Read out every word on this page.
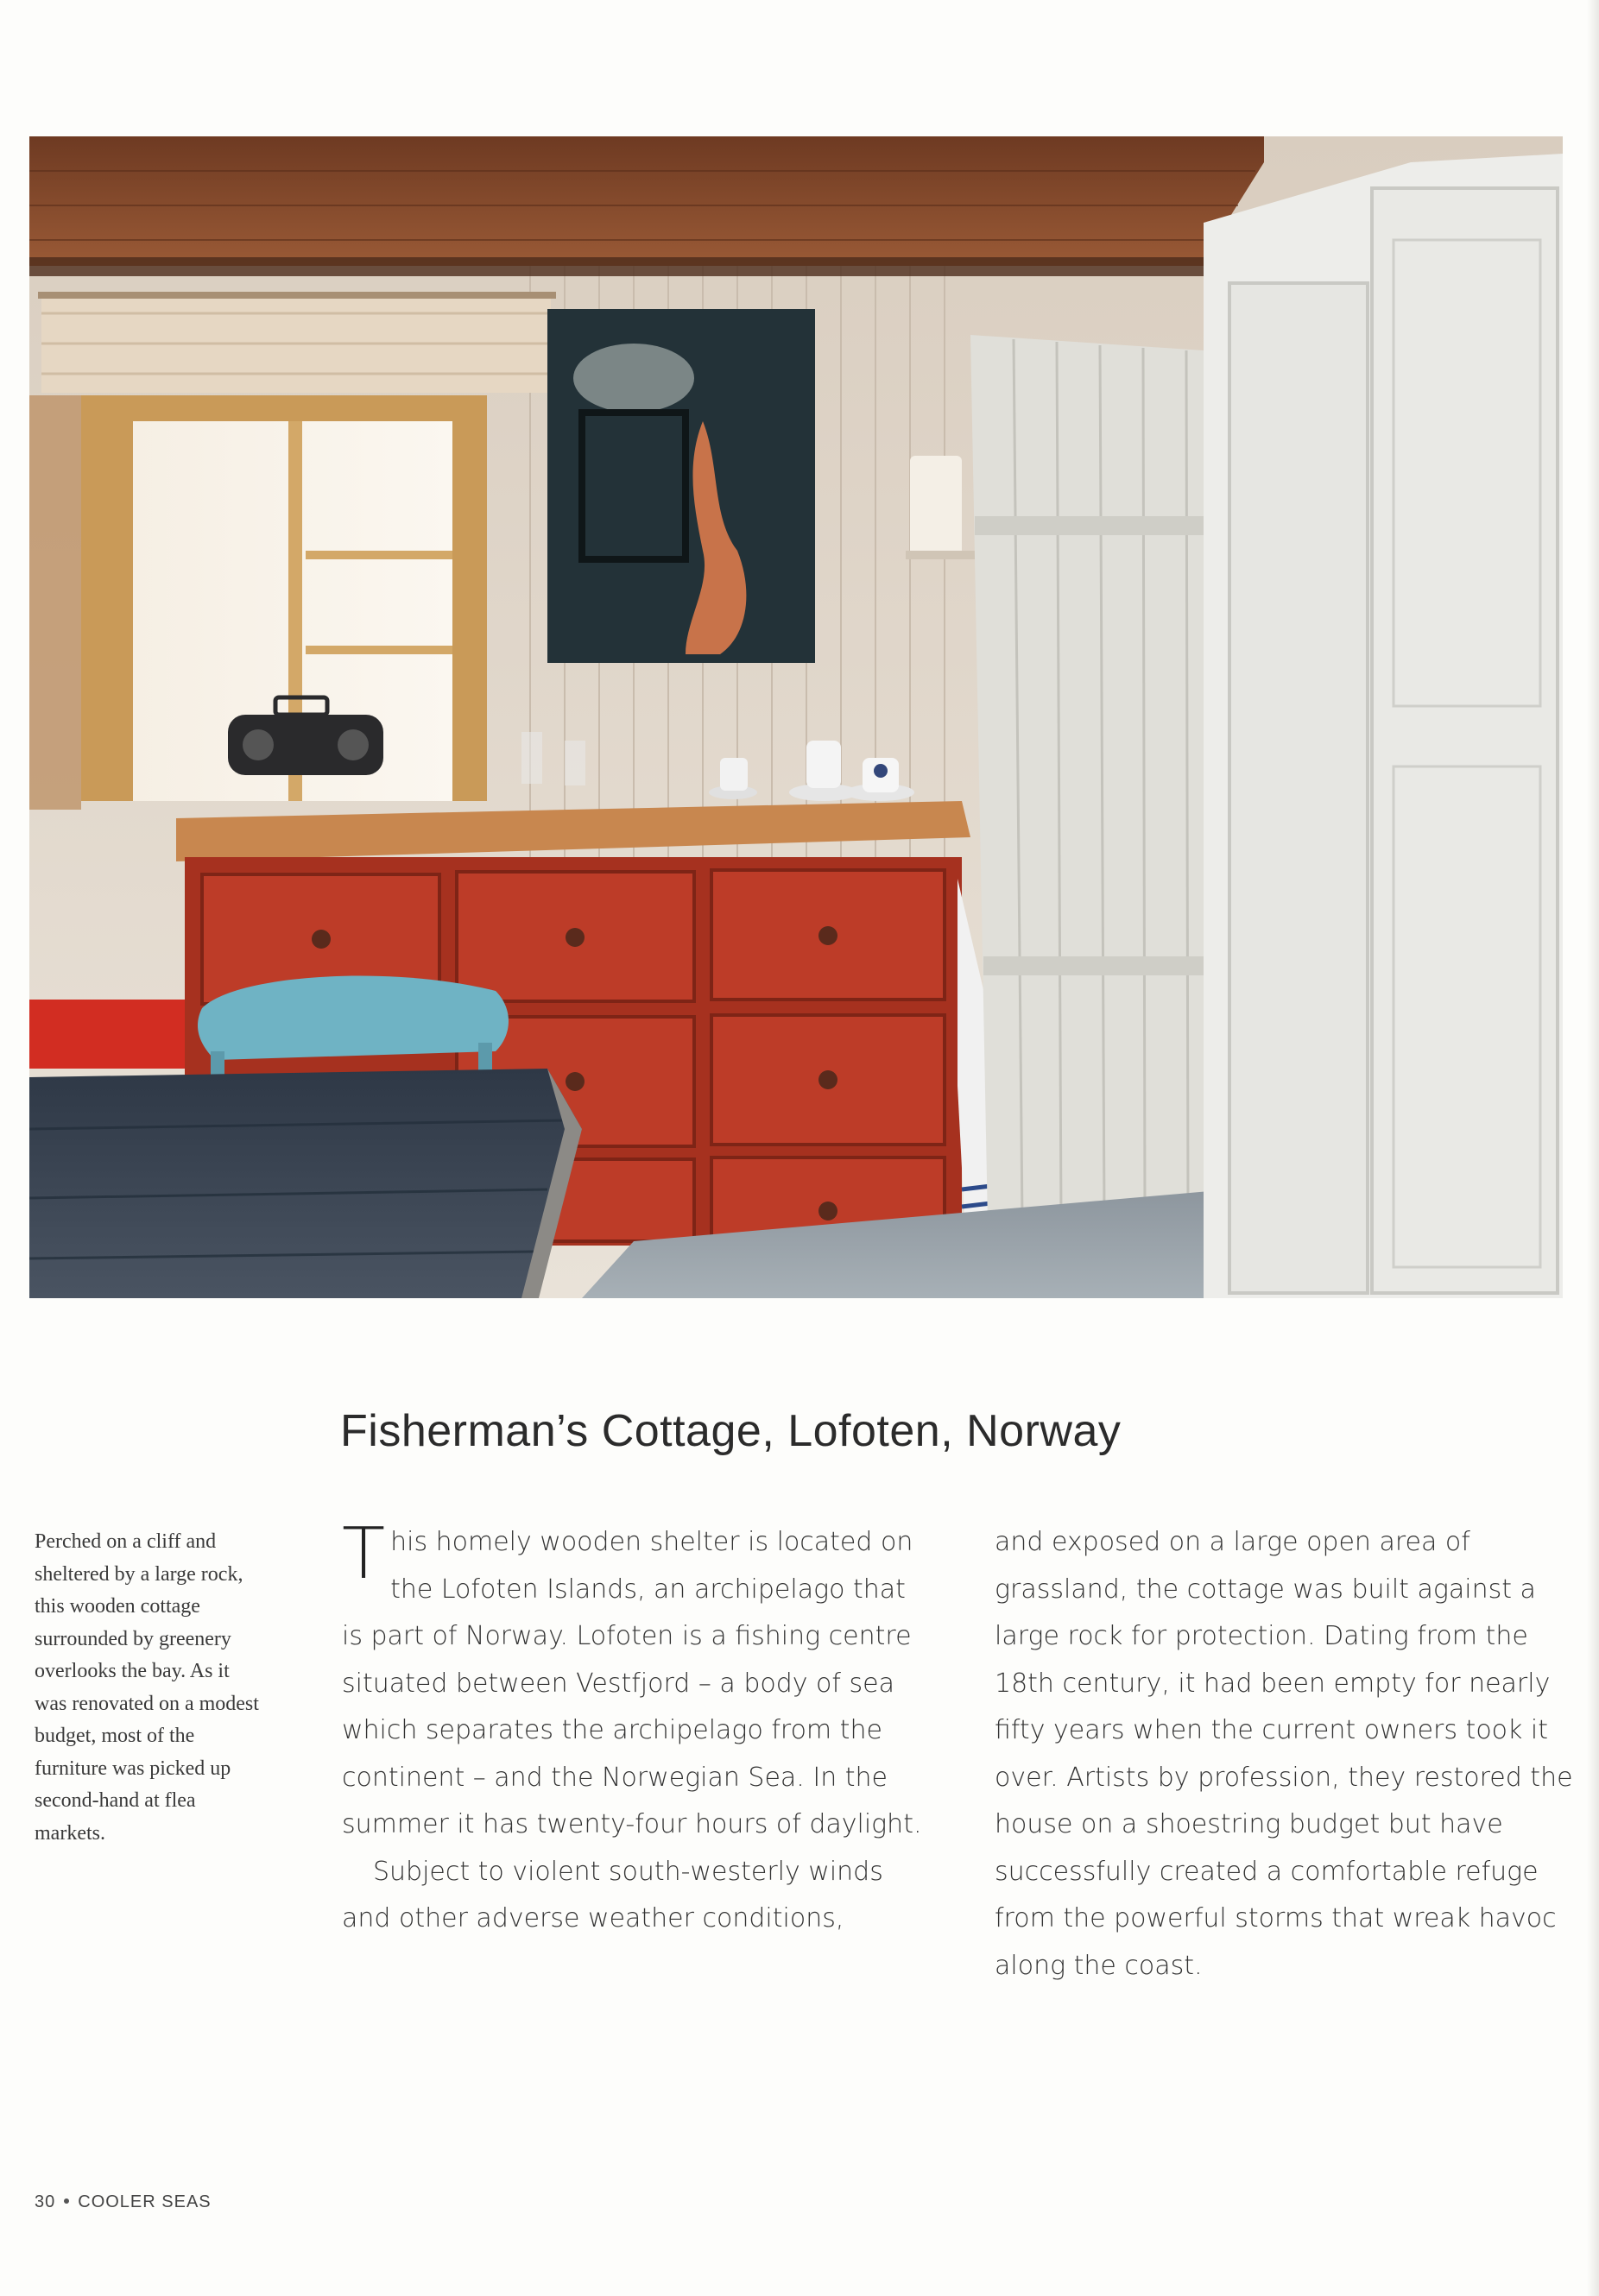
Fisherman’s Cottage, Lofoten, Norway

Perched on a cliff and sheltered by a large rock, this wooden cottage surrounded by greenery overlooks the bay. As it was renovated on a modest budget, most of the furniture was picked up second-hand at flea markets.

This homely wooden shelter is located on the Lofoten Islands, an archipelago that is part of Norway. Lofoten is a fishing centre situated between Vestfjord – a body of sea which separates the archipelago from the continent – and the Norwegian Sea. In the summer it has twenty-four hours of daylight.

Subject to violent south-westerly winds and other adverse weather conditions,

and exposed on a large open area of grassland, the cottage was built against a large rock for protection. Dating from the 18th century, it had been empty for nearly fifty years when the current owners took it over. Artists by profession, they restored the house on a shoestring budget but have successfully created a comfortable refuge from the powerful storms that wreak havoc along the coast.

30 COOLER SEAS
